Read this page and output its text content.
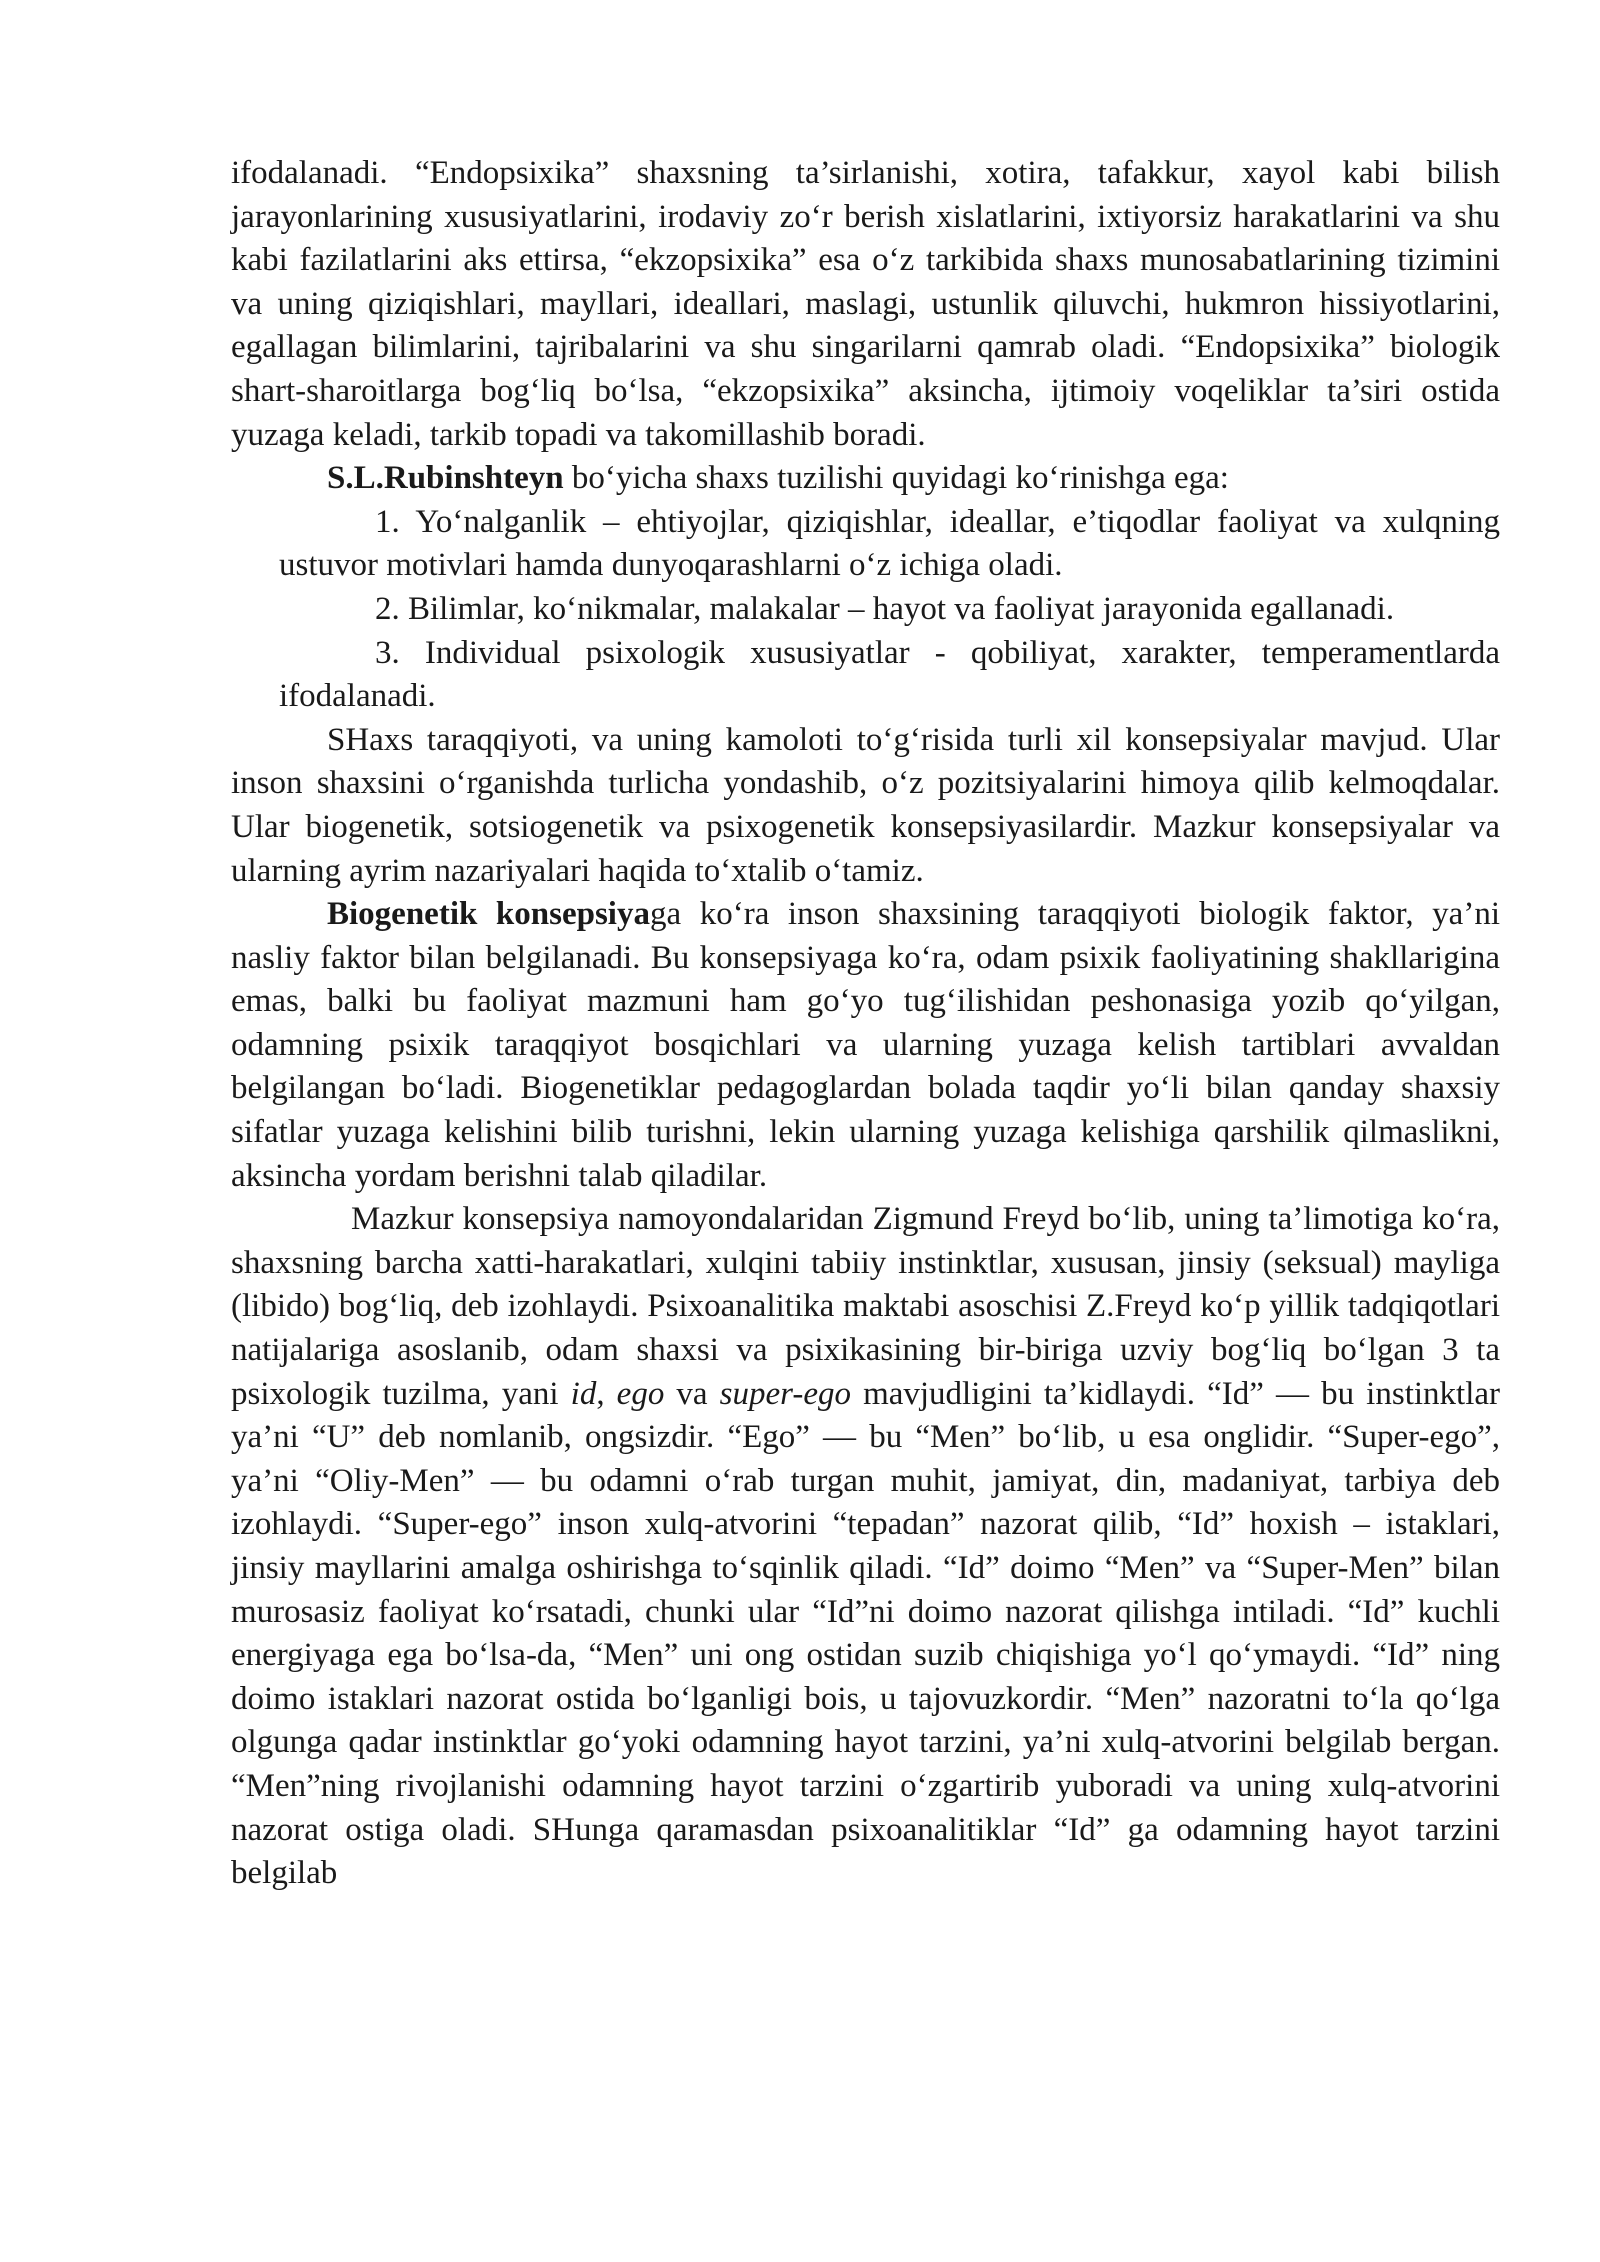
ifodalanadi. “Endopsixika” shaxsning ta’sirlanishi, xotira, tafakkur, xayol kabi bilish jarayonlarining xususiyatlarini, irodaviy zo‘r berish xislatlarini, ixtiyorsiz harakatlarini va shu kabi fazilatlarini aks ettirsa, “ekzopsixika” esa o‘z tarkibida shaxs munosabatlarining tizimini va uning qiziqishlari, mayllari, ideallari, maslagi, ustunlik qiluvchi, hukmron hissiyotlarini, egallagan bilimlarini, tajribalarini va shu singarilarni qamrab oladi. “Endopsixika” biologik shart-sharoitlarga bog‘liq bo‘lsa, “ekzopsixika” aksincha, ijtimoiy voqeliklar ta’siri ostida yuzaga keladi, tarkib topadi va takomillashib boradi.

S.L.Rubinshteyn bo‘yicha shaxs tuzilishi quyidagi ko‘rinishga ega:

1. Yo‘nalganlik – ehtiyojlar, qiziqishlar, ideallar, e’tiqodlar faoliyat va xulqning ustuvor motivlari hamda dunyoqarashlarni o‘z ichiga oladi.

2. Bilimlar, ko‘nikmalar, malakalar – hayot va faoliyat jarayonida egallanadi.

3. Individual psixologik xususiyatlar - qobiliyat, xarakter, temperamentlarda ifodalanadi.

SHaxs taraqqiyoti, va uning kamoloti to‘g‘risida turli xil konsepsiyalar mavjud. Ular inson shaxsini o‘rganishda turlicha yondashib, o‘z pozitsiyalarini himoya qilib kelmoqdalar. Ular biogenetik, sotsiogenetik va psixogenetik konsepsiyasilardir. Mazkur konsepsiyalar va ularning ayrim nazariyalari haqida to‘xtalib o‘tamiz.

Biogenetik konsepsiyaga ko‘ra inson shaxsining taraqqiyoti biologik faktor, ya’ni nasliy faktor bilan belgilanadi. Bu konsepsiyaga ko‘ra, odam psixik faoliyatining shakllarigina emas, balki bu faoliyat mazmuni ham go‘yo tug‘ilishidan peshonasiga yozib qo‘yilgan, odamning psixik taraqqiyot bosqichlari va ularning yuzaga kelish tartiblari avvaldan belgilangan bo‘ladi. Biogenetiklar pedagoglardan bolada taqdir yo‘li bilan qanday shaxsiy sifatlar yuzaga kelishini bilib turishni, lekin ularning yuzaga kelishiga qarshilik qilmaslikni, aksincha yordam berishni talab qiladilar.

Mazkur konsepsiya namoyondalaridan Zigmund Freyd bo‘lib, uning ta’limotiga ko‘ra, shaxsning barcha xatti-harakatlari, xulqini tabiiy instinktlar, xususan, jinsiy (seksual) mayliga (libido) bog‘liq, deb izohlaydi. Psixoanalitika maktabi asoschisi Z.Freyd ko‘p yillik tadqiqotlari natijalariga asoslanib, odam shaxsi va psixikasining bir-biriga uzviy bog‘liq bo‘lgan 3 ta psixologik tuzilma, yani id, ego va super-ego mavjudligini ta’kidlaydi. “Id” — bu instinktlar ya’ni “U” deb nomlanib, ongsizdir. “Ego” — bu “Men” bo‘lib, u esa onglidir. “Super-ego”, ya’ni “Oliy-Men” — bu odamni o‘rab turgan muhit, jamiyat, din, madaniyat, tarbiya deb izohlaydi. “Super-ego” inson xulq-atvorini “tepadan” nazorat qilib, “Id” hoxish – istaklari, jinsiy mayllarini amalga oshirishga to‘sqinlik qiladi. “Id” doimo “Men” va “Super-Men” bilan murosasiz faoliyat ko‘rsatadi, chunki ular “Id”ni doimo nazorat qilishga intiladi. “Id” kuchli energiyaga ega bo‘lsa-da, “Men” uni ong ostidan suzib chiqishiga yo‘l qo‘ymaydi. “Id” ning doimo istaklari nazorat ostida bo‘lganligi bois, u tajovuzkordir. “Men” nazoratni to‘la qo‘lga olgunga qadar instinktlar go‘yoki odamning hayot tarzini, ya’ni xulq-atvorini belgilab bergan. “Men”ning rivojlanishi odamning hayot tarzini o‘zgartirib yuboradi va uning xulq-atvorini nazorat ostiga oladi. SHunga qaramasdan psixoanalitiklar “Id” ga odamning hayot tarzini belgilab
